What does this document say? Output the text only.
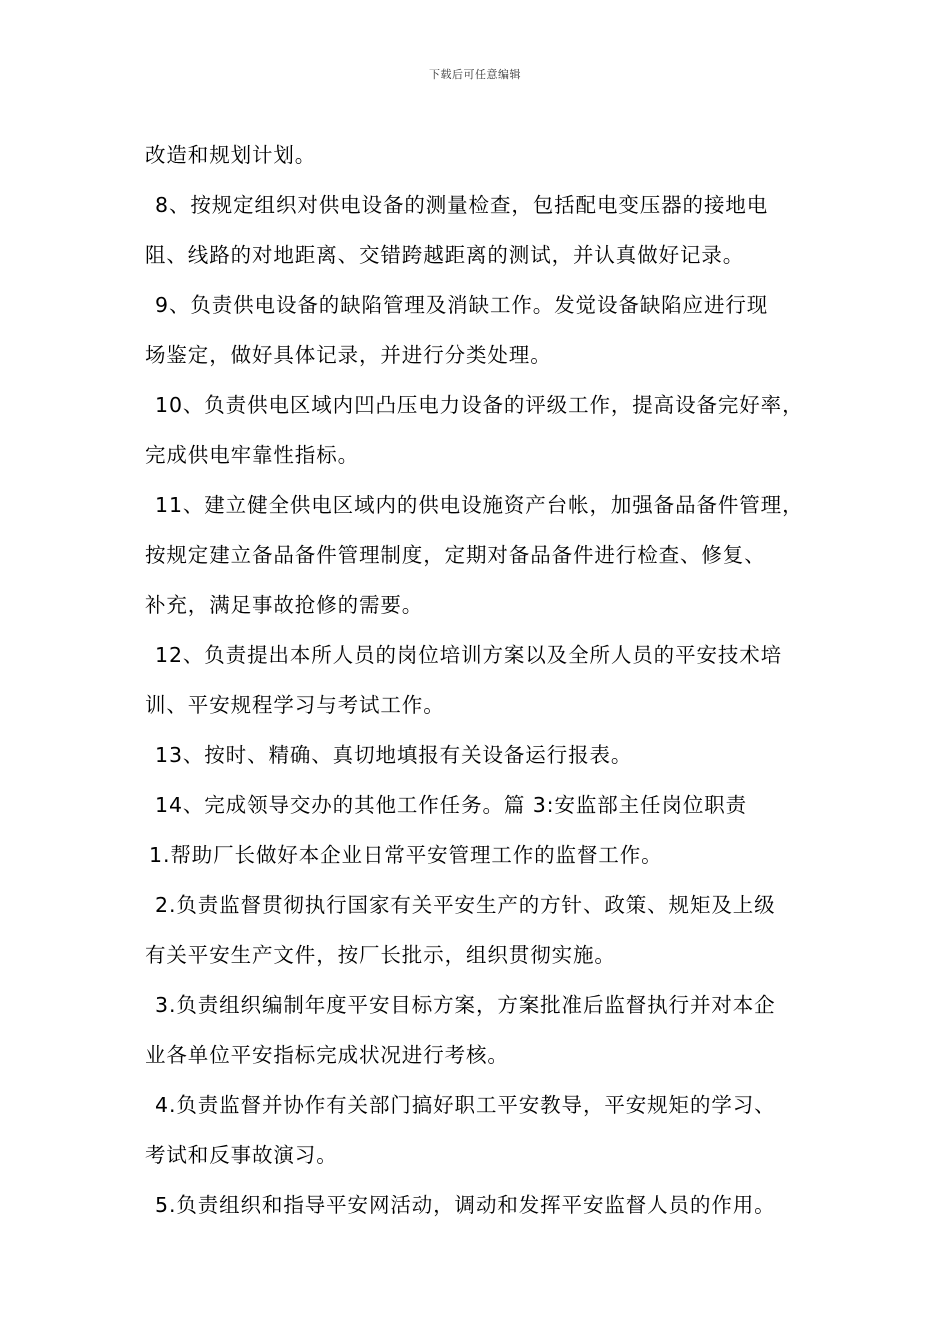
下载后可任意编辑

改造和规划计划。

8、按规定组织对供电设备的测量检查，包括配电变压器的接地电

阻、线路的对地距离、交错跨越距离的测试，并认真做好记录。

9、负责供电设备的缺陷管理及消缺工作。发觉设备缺陷应进行现

场鉴定，做好具体记录，并进行分类处理。

10、负责供电区域内凹凸压电力设备的评级工作，提高设备完好率，

完成供电牢靠性指标。

11、建立健全供电区域内的供电设施资产台帐，加强备品备件管理，

按规定建立备品备件管理制度，定期对备品备件进行检查、修复、

补充，满足事故抢修的需要。

12、负责提出本所人员的岗位培训方案以及全所人员的平安技术培

训、平安规程学习与考试工作。

13、按时、精确、真切地填报有关设备运行报表。

14、完成领导交办的其他工作任务。篇 3:安监部主任岗位职责

1.帮助厂长做好本企业日常平安管理工作的监督工作。

2.负责监督贯彻执行国家有关平安生产的方针、政策、规矩及上级

有关平安生产文件，按厂长批示，组织贯彻实施。

3.负责组织编制年度平安目标方案，方案批准后监督执行并对本企

业各单位平安指标完成状况进行考核。

4.负责监督并协作有关部门搞好职工平安教导，平安规矩的学习、

考试和反事故演习。

5.负责组织和指导平安网活动，调动和发挥平安监督人员的作用。
